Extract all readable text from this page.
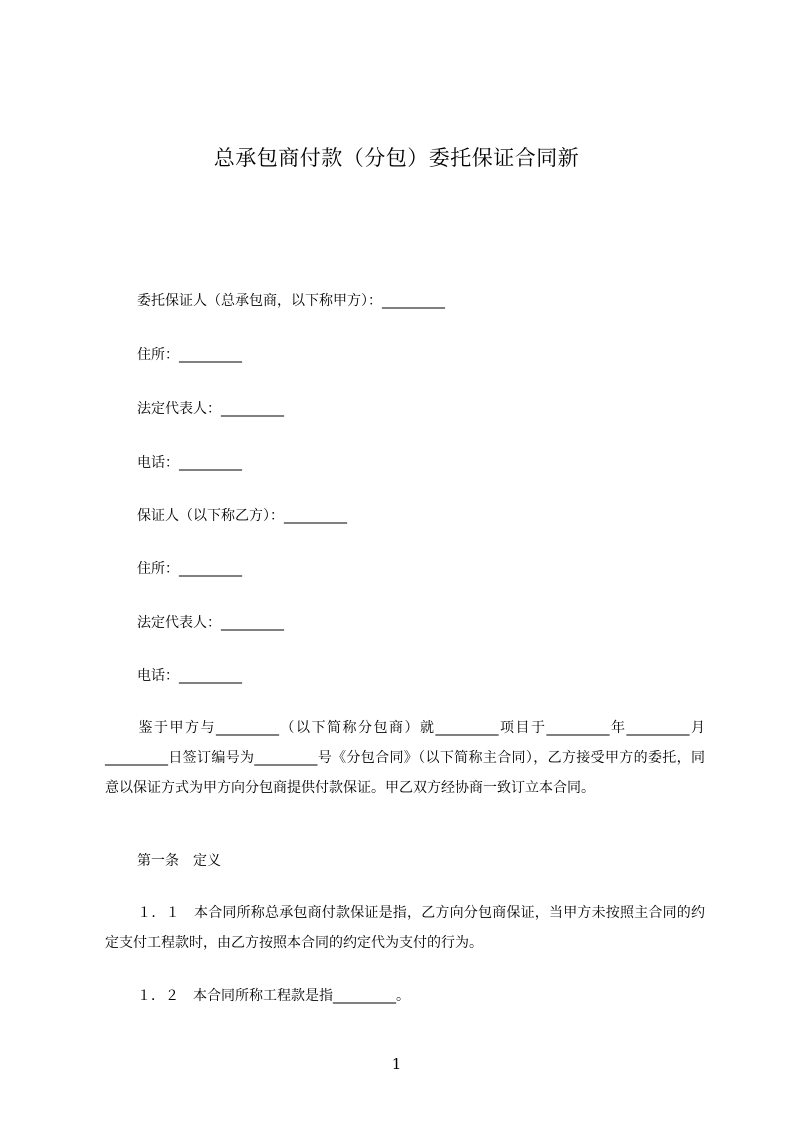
总承包商付款（分包）委托保证合同新

委托保证人（总承包商，以下称甲方）：_________

住所：_________

法定代表人：_________

电话：_________

保证人（以下称乙方）：_________

住所：_________

法定代表人：_________

电话：_________

鉴于甲方与_________（以下简称分包商）就_________项目于_________年_________月_________日签订编号为_________号《分包合同》（以下简称主合同），乙方接受甲方的委托，同意以保证方式为甲方向分包商提供付款保证。甲乙双方经协商一致订立本合同。

第一条　定义

１．１　本合同所称总承包商付款保证是指，乙方向分包商保证，当甲方未按照主合同的约定支付工程款时，由乙方按照本合同的约定代为支付的行为。

１．２　本合同所称工程款是指_________。

1
